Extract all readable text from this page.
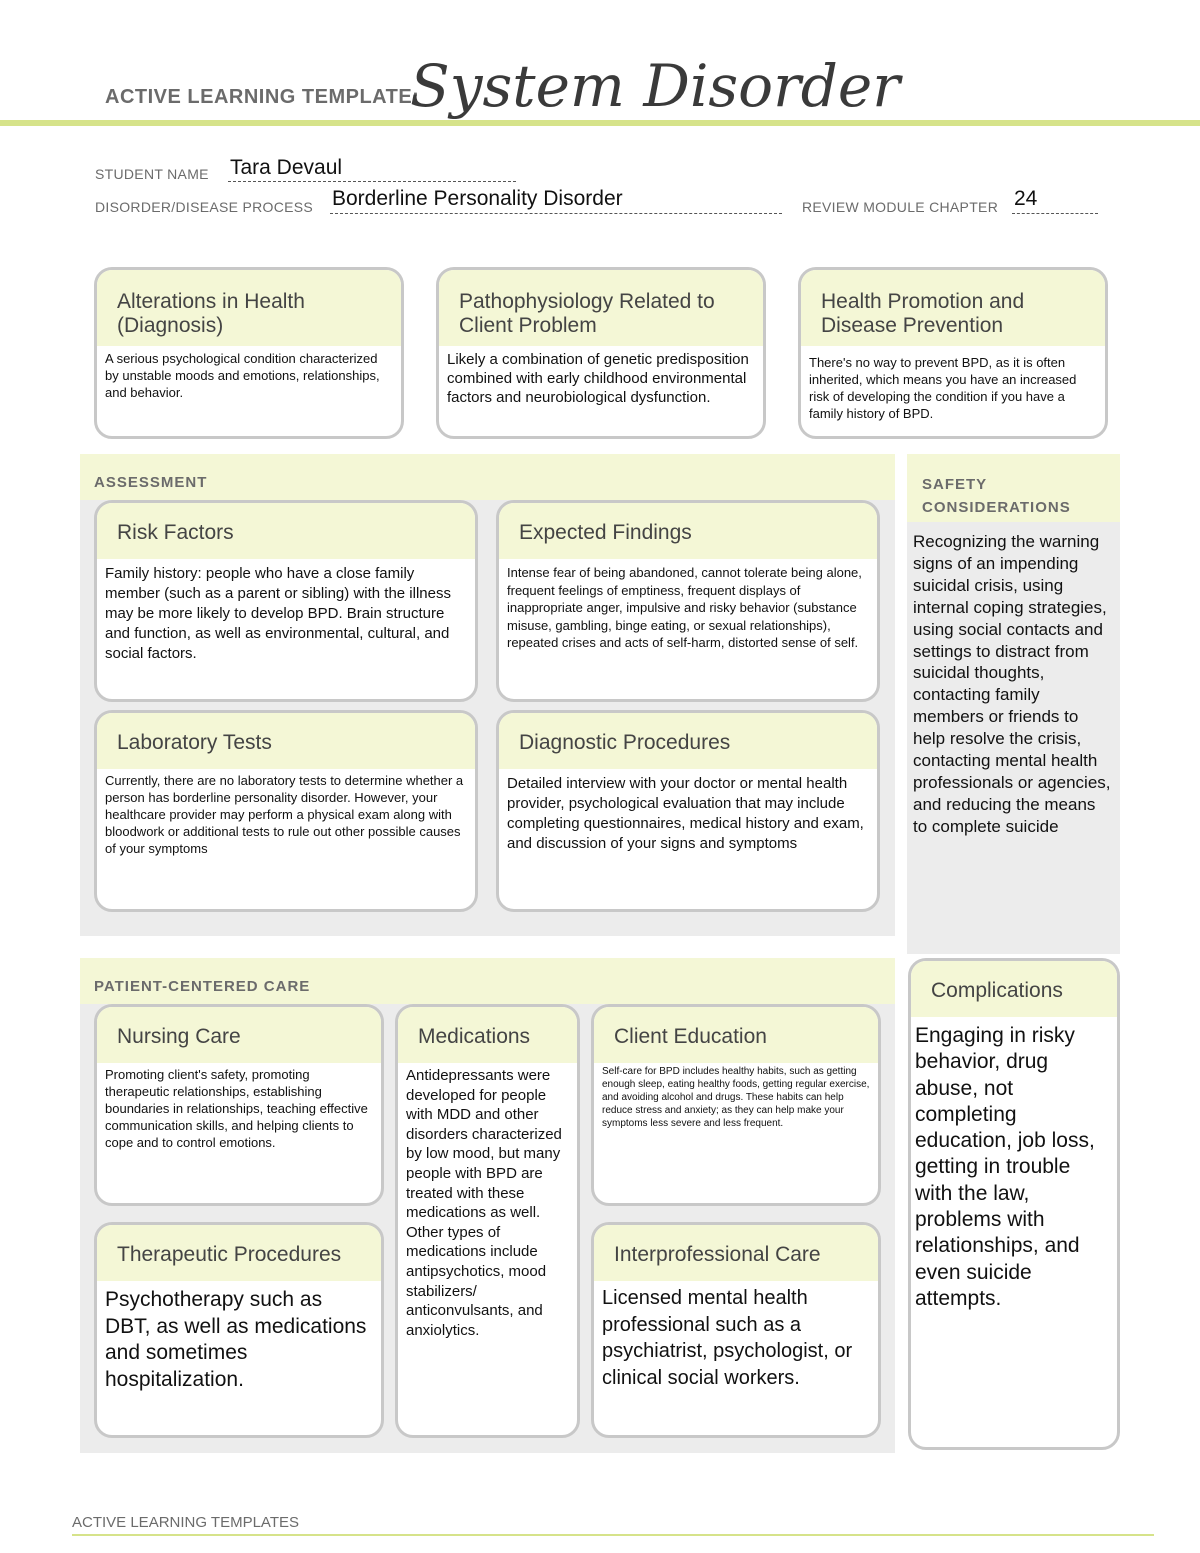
ACTIVE LEARNING TEMPLATE:
System Disorder
STUDENT NAME Tara Devaul
DISORDER/DISEASE PROCESS Borderline Personality Disorder	REVIEW MODULE CHAPTER 24
Alterations in Health (Diagnosis)
A serious psychological condition characterized by unstable moods and emotions, relationships, and behavior.
Pathophysiology Related to Client Problem
Likely a combination of genetic predisposition combined with early childhood environmental factors and neurobiological dysfunction.
Health Promotion and Disease Prevention
There's no way to prevent BPD, as it is often inherited, which means you have an increased risk of developing the condition if you have a family history of BPD.
ASSESSMENT
Risk Factors
Family history: people who have a close family member (such as a parent or sibling) with the illness may be more likely to develop BPD. Brain structure and function, as well as environmental, cultural, and social factors.
Expected Findings
Intense fear of being abandoned, cannot tolerate being alone, frequent feelings of emptiness, frequent displays of inappropriate anger, impulsive and risky behavior (substance misuse, gambling, binge eating, or sexual relationships), repeated crises and acts of self-harm, distorted sense of self.
Laboratory Tests
Currently, there are no laboratory tests to determine whether a person has borderline personality disorder. However, your healthcare provider may perform a physical exam along with bloodwork or additional tests to rule out other possible causes of your symptoms
Diagnostic Procedures
Detailed interview with your doctor or mental health provider, psychological evaluation that may include completing questionnaires, medical history and exam, and discussion of your signs and symptoms
SAFETY CONSIDERATIONS
Recognizing the warning signs of an impending suicidal crisis, using internal coping strategies, using social contacts and settings to distract from suicidal thoughts, contacting family members or friends to help resolve the crisis, contacting mental health professionals or agencies, and reducing the means to complete suicide
PATIENT-CENTERED CARE
Nursing Care
Promoting client's safety, promoting therapeutic relationships, establishing boundaries in relationships, teaching effective communication skills, and helping clients to cope and to control emotions.
Medications
Antidepressants were developed for people with MDD and other disorders characterized by low mood, but many people with BPD are treated with these medications as well. Other types of medications include antipsychotics, mood stabilizers/ anticonvulsants, and anxiolytics.
Client Education
Self-care for BPD includes healthy habits, such as getting enough sleep, eating healthy foods, getting regular exercise, and avoiding alcohol and drugs. These habits can help reduce stress and anxiety; as they can help make your symptoms less severe and less frequent.
Therapeutic Procedures
Psychotherapy such as DBT, as well as medications and sometimes hospitalization.
Interprofessional Care
Licensed mental health professional such as a psychiatrist, psychologist, or clinical social workers.
Complications
Engaging in risky behavior, drug abuse, not completing education, job loss, getting in trouble with the law, problems with relationships, and even suicide attempts.
ACTIVE LEARNING TEMPLATES
